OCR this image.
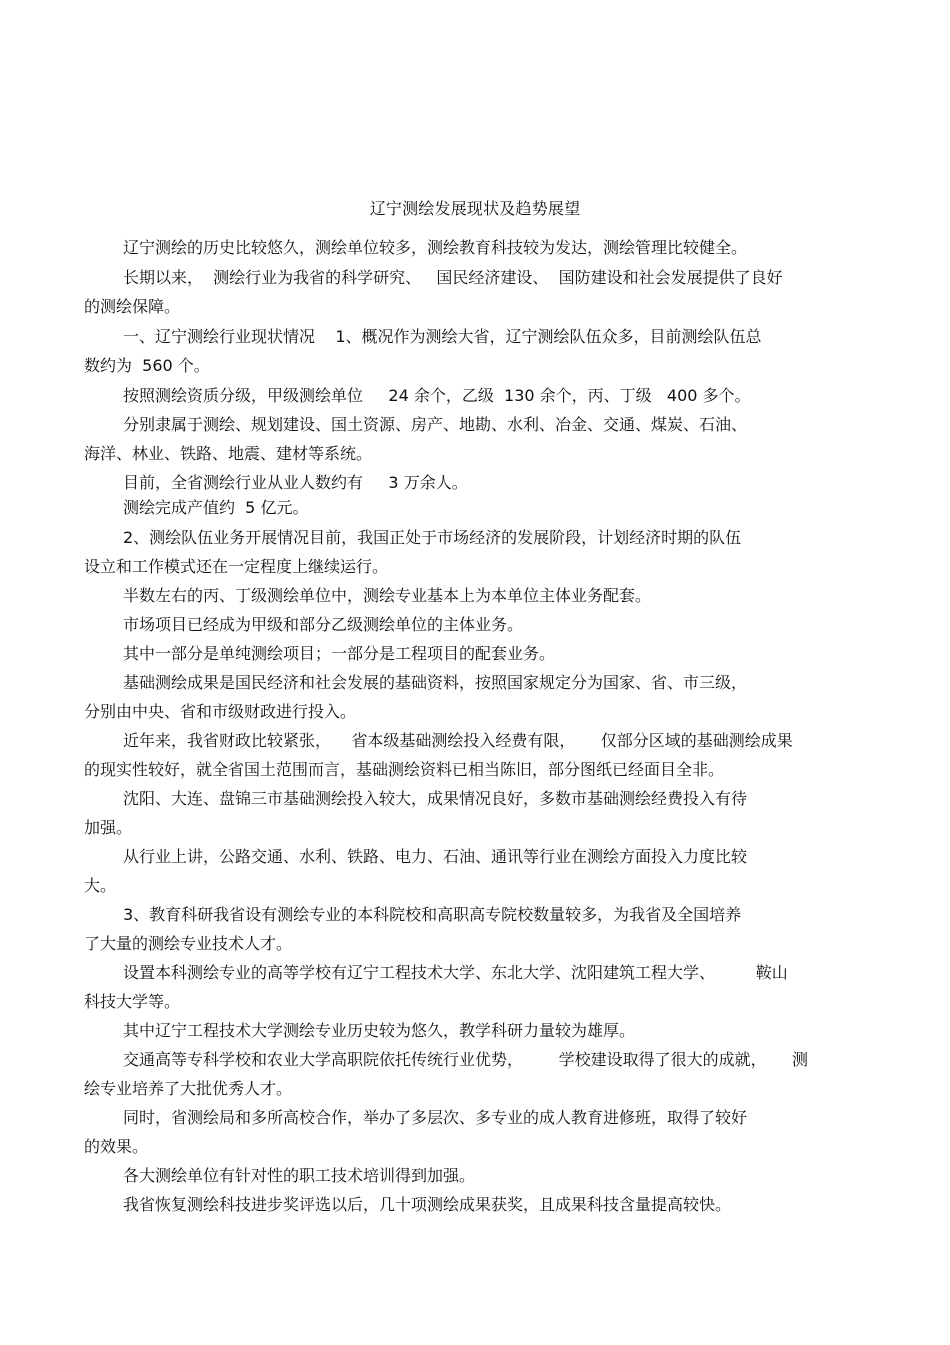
辽宁测绘发展现状及趋势展望
辽宁测绘的历史比较悠久，测绘单位较多，测绘教育科技较为发达，测绘管理比较健全。
长期以来，  测绘行业为我省的科学研究、   国民经济建设、  国防建设和社会发展提供了良好
的测绘保障。
一、辽宁测绘行业现状情况    1、概况作为测绘大省，辽宁测绘队伍众多，目前测绘队伍总
数约为  560 个。
按照测绘资质分级，甲级测绘单位     24 余个，乙级  130 余个，丙、丁级   400 多个。
分别隶属于测绘、规划建设、国土资源、房产、地勘、水利、冶金、交通、煤炭、石油、
海洋、林业、铁路、地震、建材等系统。
目前，全省测绘行业从业人数约有     3 万余人。
测绘完成产值约  5 亿元。
2、测绘队伍业务开展情况目前，我国正处于市场经济的发展阶段，计划经济时期的队伍
设立和工作模式还在一定程度上继续运行。
半数左右的丙、丁级测绘单位中，测绘专业基本上为本单位主体业务配套。
市场项目已经成为甲级和部分乙级测绘单位的主体业务。
其中一部分是单纯测绘项目；一部分是工程项目的配套业务。
基础测绘成果是国民经济和社会发展的基础资料，按照国家规定分为国家、省、市三级，
分别由中央、省和市级财政进行投入。
近年来，我省财政比较紧张，    省本级基础测绘投入经费有限，     仅部分区域的基础测绘成果
的现实性较好，就全省国土范围而言，基础测绘资料已相当陈旧，部分图纸已经面目全非。
沈阳、大连、盘锦三市基础测绘投入较大，成果情况良好，多数市基础测绘经费投入有待
加强。
从行业上讲，公路交通、水利、铁路、电力、石油、通讯等行业在测绘方面投入力度比较
大。
3、教育科研我省设有测绘专业的本科院校和高职高专院校数量较多，为我省及全国培养
了大量的测绘专业技术人才。
设置本科测绘专业的高等学校有辽宁工程技术大学、东北大学、沈阳建筑工程大学、        鞍山
科技大学等。
其中辽宁工程技术大学测绘专业历史较为悠久，教学科研力量较为雄厚。
交通高等专科学校和农业大学高职院依托传统行业优势，       学校建设取得了很大的成就，     测
绘专业培养了大批优秀人才。
同时，省测绘局和多所高校合作，举办了多层次、多专业的成人教育进修班，取得了较好
的效果。
各大测绘单位有针对性的职工技术培训得到加强。
我省恢复测绘科技进步奖评选以后，几十项测绘成果获奖，且成果科技含量提高较快。
